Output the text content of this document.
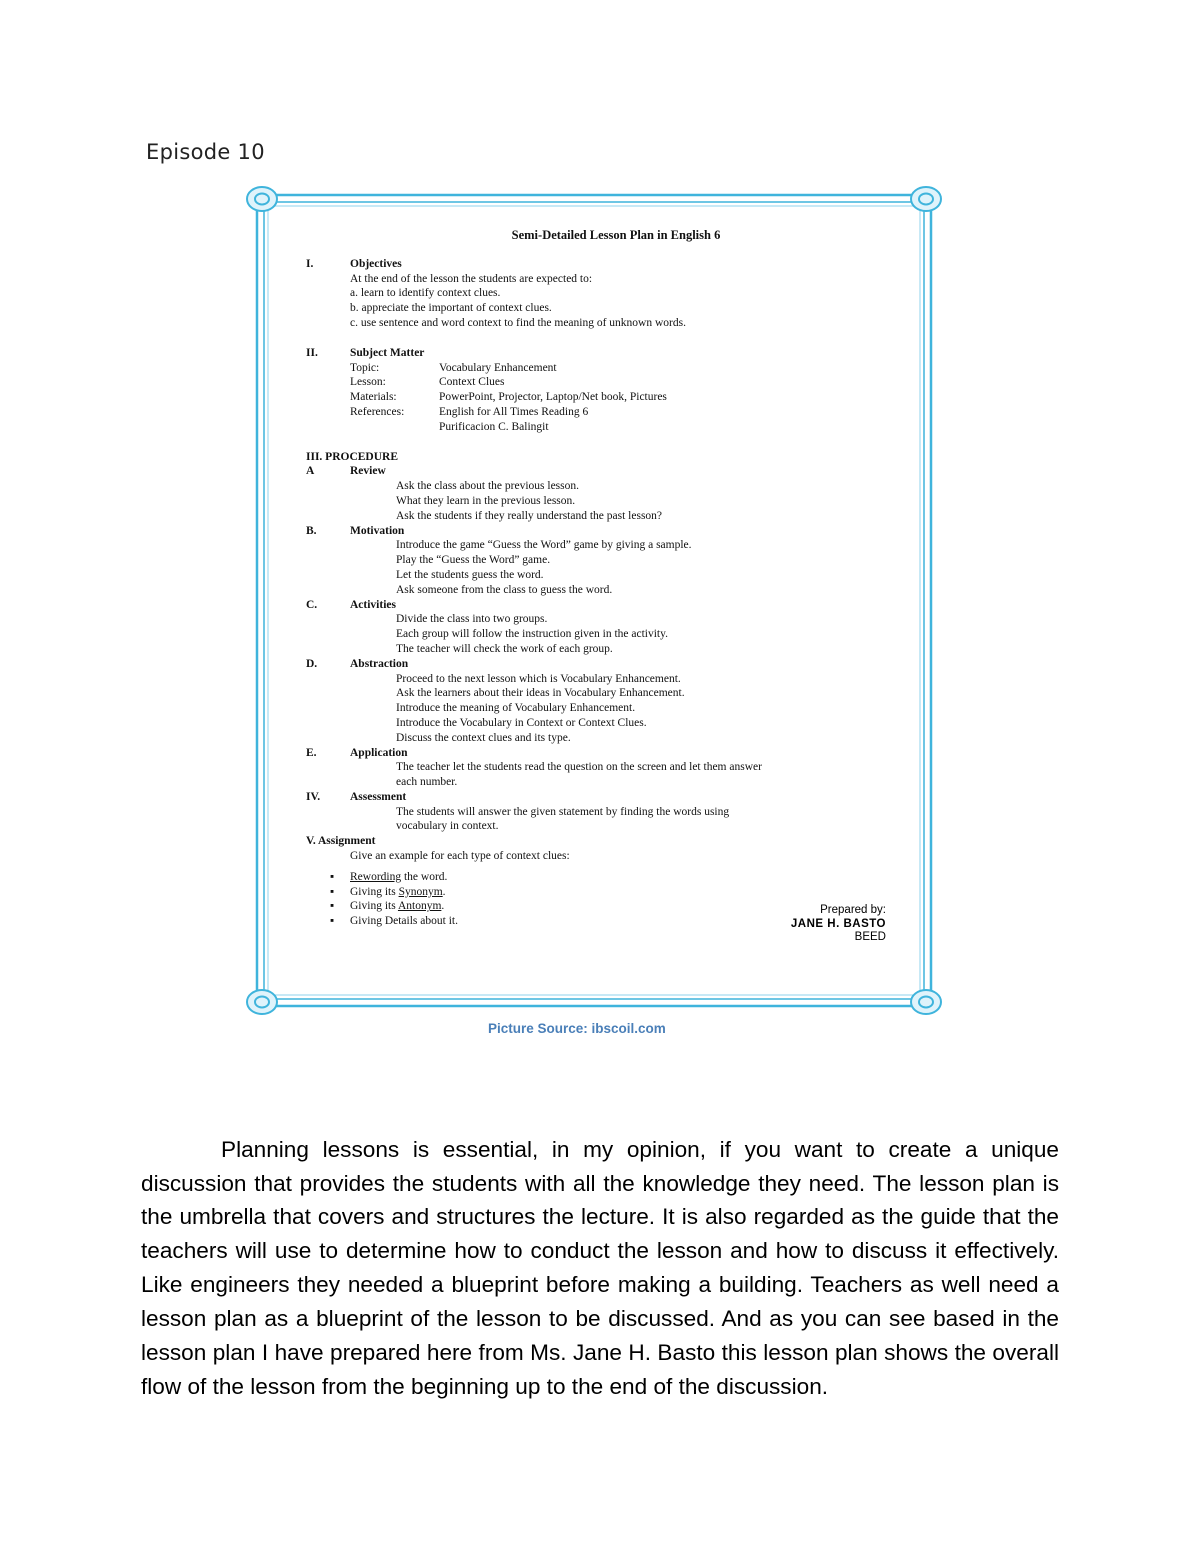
Episode 10
Semi-Detailed Lesson Plan in English 6
I.	Objectives
At the end of the lesson the students are expected to:
a. learn to identify context clues.
b. appreciate the important of context clues.
c. use sentence and word context to find the meaning of unknown words.
II.	Subject Matter
Topic:	Vocabulary Enhancement
Lesson:	Context Clues
Materials:	PowerPoint, Projector, Laptop/Net book, Pictures
References:	English for All Times Reading 6
Purificacion C. Balingit
III. PROCEDURE
A	Review
Ask the class about the previous lesson.
What they learn in the previous lesson.
Ask the students if they really understand the past lesson?
B.	Motivation
Introduce the game “Guess the Word” game by giving a sample.
Play the “Guess the Word” game.
Let the students guess the word.
Ask someone from the class to guess the word.
C.	Activities
Divide the class into two groups.
Each group will follow the instruction given in the activity.
The teacher will check the work of each group.
D.	Abstraction
Proceed to the next lesson which is Vocabulary Enhancement.
Ask the learners about their ideas in Vocabulary Enhancement.
Introduce the meaning of Vocabulary Enhancement.
Introduce the Vocabulary in Context or Context Clues.
Discuss the context clues and its type.
E.	Application
The teacher let the students read the question on the screen and let them answer
each number.
IV.	Assessment
The students will answer the given statement by finding the words using
vocabulary in context.
V. Assignment
Give an example for each type of context clues:
▪ Rewording the word.
▪ Giving its Synonym.
▪ Giving its Antonym.
▪ Giving Details about it.
Prepared by:
JANE H. BASTO
BEED
Picture Source: ibscoil.com

Planning lessons is essential, in my opinion, if you want to create a unique discussion that provides the students with all the knowledge they need. The lesson plan is the umbrella that covers and structures the lecture. It is also regarded as the guide that the teachers will use to determine how to conduct the lesson and how to discuss it effectively. Like engineers they needed a blueprint before making a building. Teachers as well need a lesson plan as a blueprint of the lesson to be discussed. And as you can see based in the lesson plan I have prepared here from Ms. Jane H. Basto this lesson plan shows the overall flow of the lesson from the beginning up to the end of the discussion.
